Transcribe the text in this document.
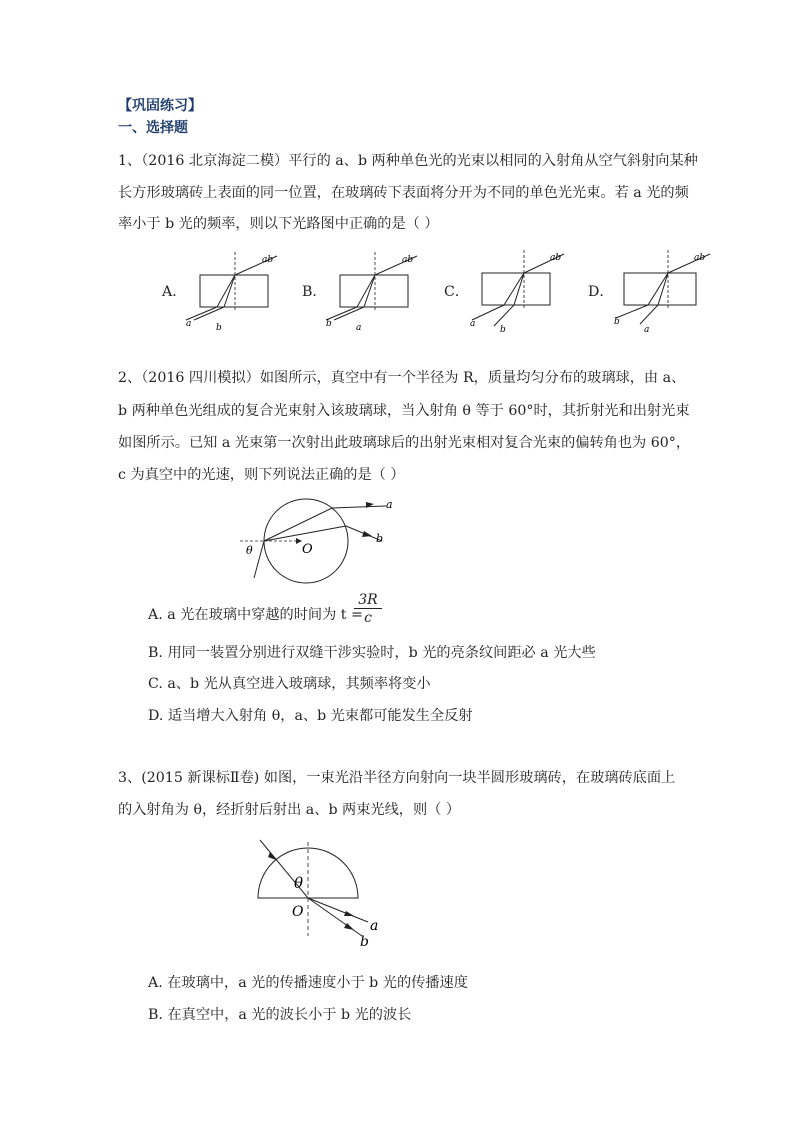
【巩固练习】
一、选择题
1、（2016 北京海淀二模）平行的 a、b 两种单色光的光束以相同的入射角从空气斜射向某种
长方形玻璃砖上表面的同一位置，在玻璃砖下表面将分开为不同的单色光光束。若 a 光的频
率小于 b 光的频率，则以下光路图中正确的是（ ）
A．
ab
a	b
B．
ab
b	a
C．
ab
a
b
D．
ab
b
a
2、（2016 四川模拟）如图所示，真空中有一个半径为 R，质量均匀分布的玻璃球，由 a、
b 两种单色光组成的复合光束射入该玻璃球，当入射角 θ 等于 60°时，其折射光和出射光束
如图所示。已知 a 光束第一次射出此玻璃球后的出射光束相对复合光束的偏转角也为 60°，
c 为真空中的光速，则下列说法正确的是（ ）
a
b
O
θ
A. a 光在玻璃中穿越的时间为 t =
$\frac{3R}{c}$
B. 用同一装置分别进行双缝干涉实验时，b 光的亮条纹间距必 a 光大些
C. a、b 光从真空进入玻璃球，其频率将变小
D. 适当增大入射角 θ，a、b 光束都可能发生全反射
3、(2015 新课标Ⅱ卷) 如图，一束光沿半径方向射向一块半圆形玻璃砖，在玻璃砖底面上
的入射角为 θ，经折射后射出 a、b 两束光线，则（ ）
θ
O
a
b
A. 在玻璃中，a 光的传播速度小于 b 光的传播速度
B. 在真空中，a 光的波长小于 b 光的波长
